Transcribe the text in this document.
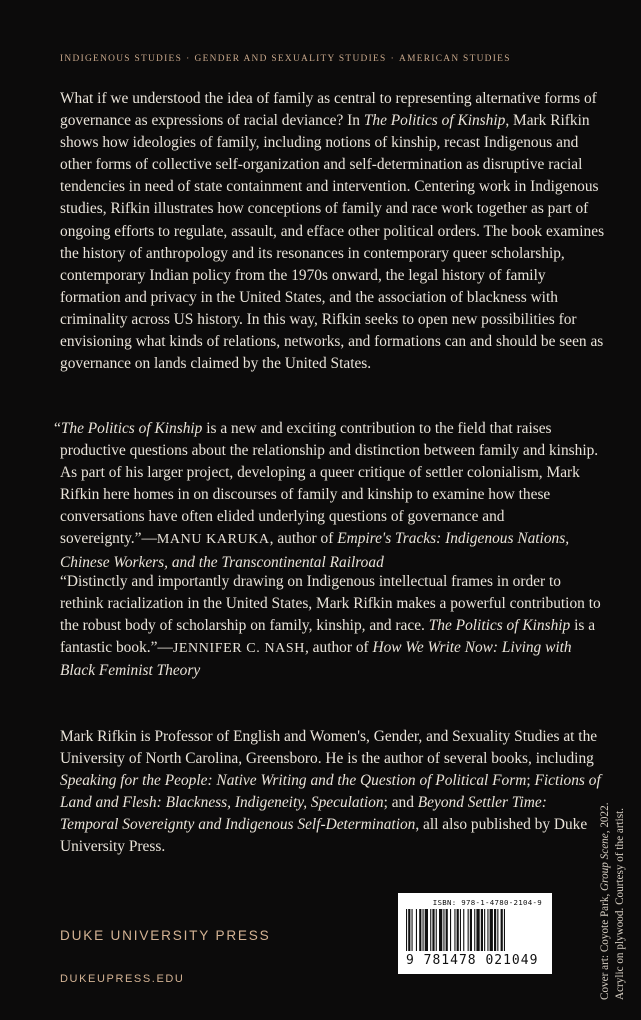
INDIGENOUS STUDIES · GENDER AND SEXUALITY STUDIES · AMERICAN STUDIES
What if we understood the idea of family as central to representing alternative forms of governance as expressions of racial deviance? In The Politics of Kinship, Mark Rifkin shows how ideologies of family, including notions of kinship, recast Indigenous and other forms of collective self-organization and self-determination as disruptive racial tendencies in need of state containment and intervention. Centering work in Indigenous studies, Rifkin illustrates how conceptions of family and race work together as part of ongoing efforts to regulate, assault, and efface other political orders. The book examines the history of anthropology and its resonances in contemporary queer scholarship, contemporary Indian policy from the 1970s onward, the legal history of family formation and privacy in the United States, and the association of blackness with criminality across US history. In this way, Rifkin seeks to open new possibilities for envisioning what kinds of relations, networks, and formations can and should be seen as governance on lands claimed by the United States.
“The Politics of Kinship is a new and exciting contribution to the field that raises productive questions about the relationship and distinction between family and kinship. As part of his larger project, developing a queer critique of settler colonialism, Mark Rifkin here homes in on discourses of family and kinship to examine how these conversations have often elided underlying questions of governance and sovereignty.”—MANU KARUKA, author of Empire's Tracks: Indigenous Nations, Chinese Workers, and the Transcontinental Railroad
“Distinctly and importantly drawing on Indigenous intellectual frames in order to rethink racialization in the United States, Mark Rifkin makes a powerful contribution to the robust body of scholarship on family, kinship, and race. The Politics of Kinship is a fantastic book.”—JENNIFER C. NASH, author of How We Write Now: Living with Black Feminist Theory
Mark Rifkin is Professor of English and Women's, Gender, and Sexuality Studies at the University of North Carolina, Greensboro. He is the author of several books, including Speaking for the People: Native Writing and the Question of Political Form; Fictions of Land and Flesh: Blackness, Indigeneity, Speculation; and Beyond Settler Time: Temporal Sovereignty and Indigenous Self-Determination, all also published by Duke University Press.
DUKE UNIVERSITY PRESS
DUKEUPRESS.EDU
ISBN: 978-1-4780-2104-9
9 781478 021049	Cover art: Coyote Park, Group Scene, 2022. Acrylic on plywood. Courtesy of the artist.
